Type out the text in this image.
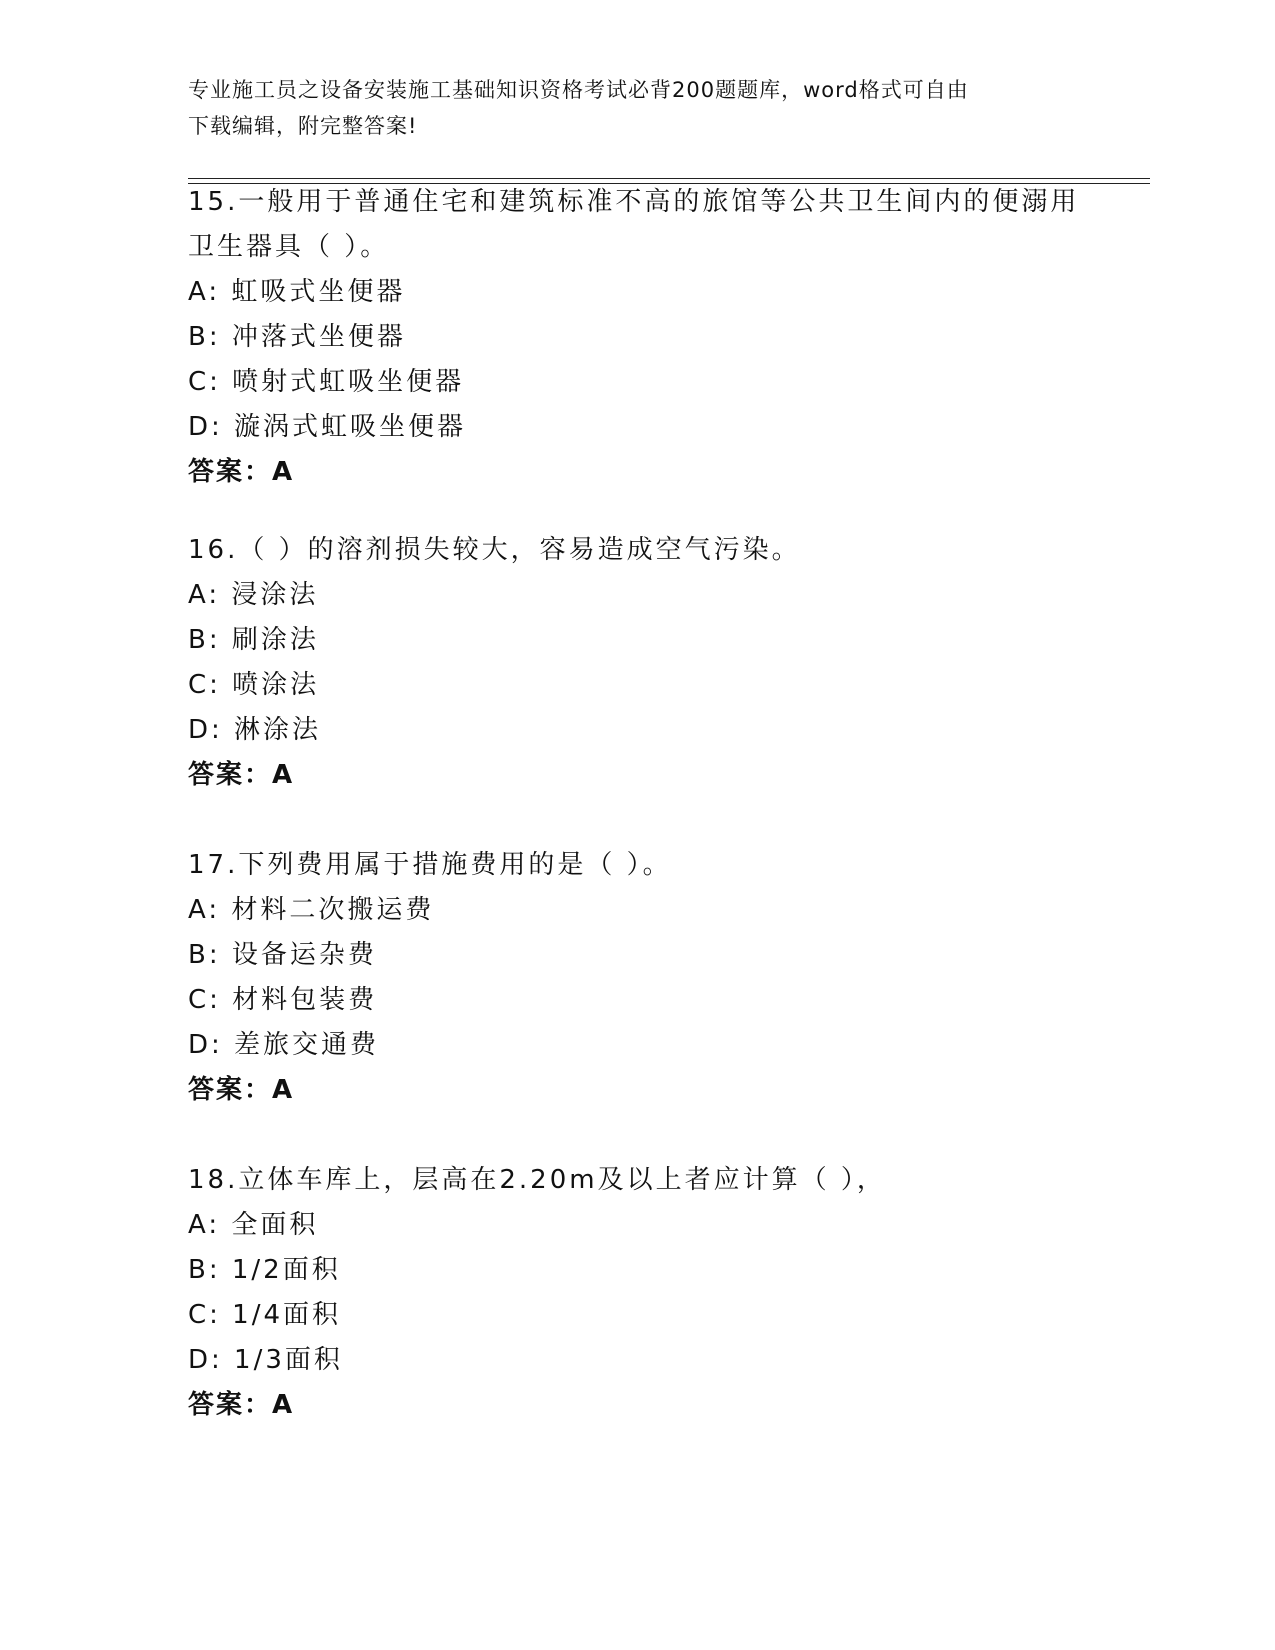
专业施工员之设备安装施工基础知识资格考试必背200题题库，word格式可自由
下载编辑，附完整答案!
15.一般用于普通住宅和建筑标准不高的旅馆等公共卫生间内的便溺用
卫生器具（ ）。
A: 虹吸式坐便器
B: 冲落式坐便器
C: 喷射式虹吸坐便器
D: 漩涡式虹吸坐便器
答案：A
16.（ ）的溶剂损失较大，容易造成空气污染。
A: 浸涂法
B: 刷涂法
C: 喷涂法
D: 淋涂法
答案：A
17.下列费用属于措施费用的是（ ）。
A: 材料二次搬运费
B: 设备运杂费
C: 材料包装费
D: 差旅交通费
答案：A
18.立体车库上，层高在2.20m及以上者应计算（ ），
A: 全面积
B: 1/2面积
C: 1/4面积
D: 1/3面积
答案：A
